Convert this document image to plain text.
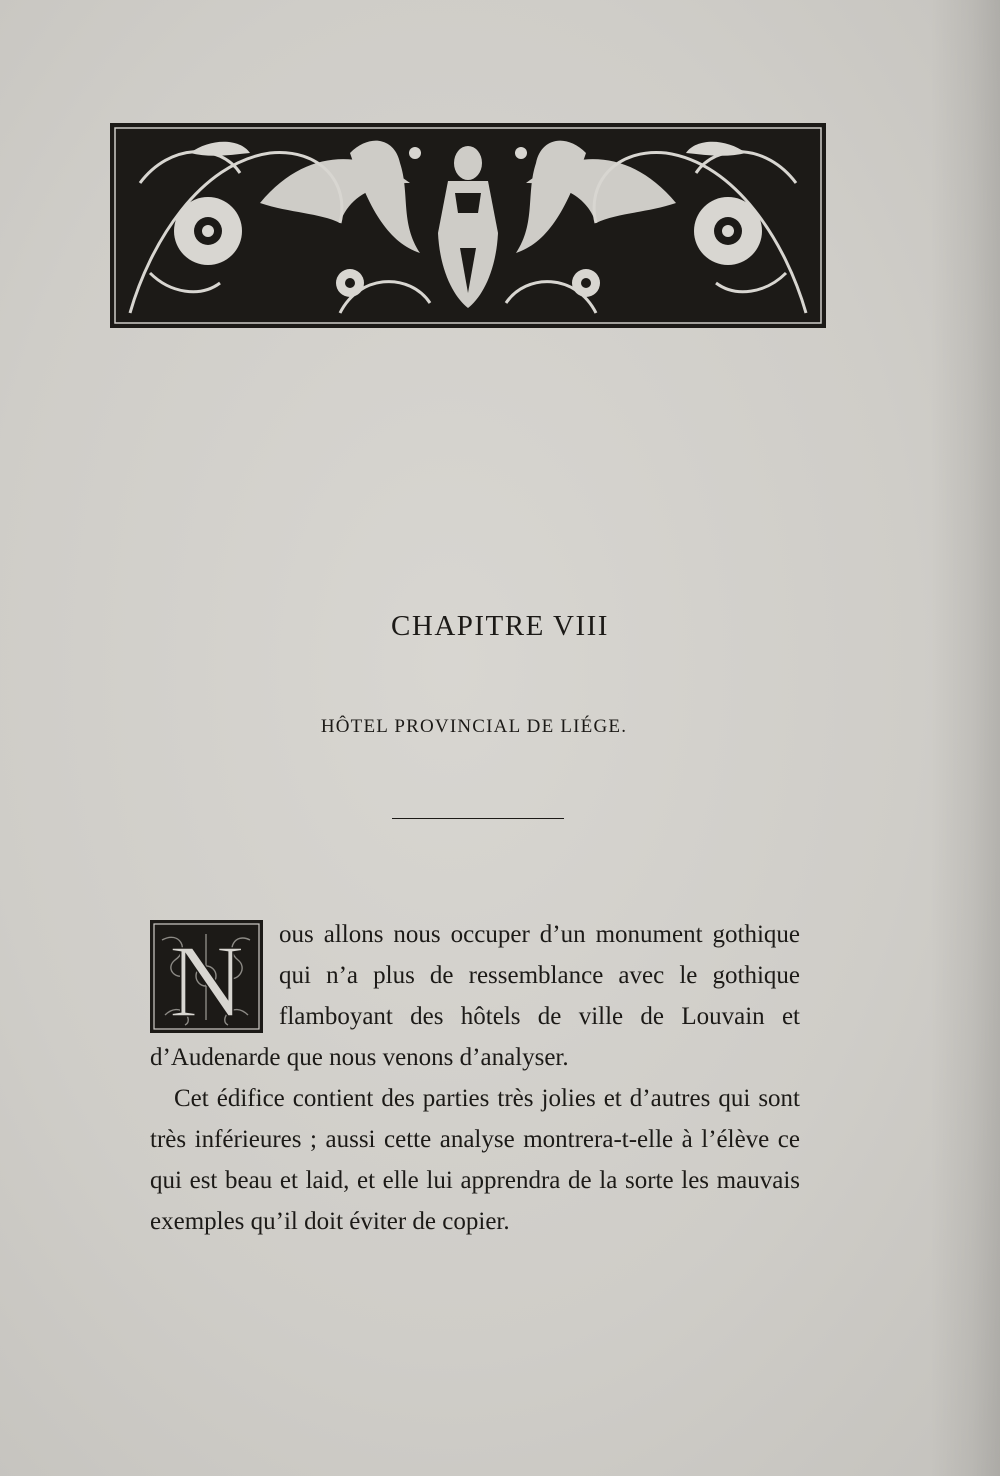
CHAPITRE VIII
HÔTEL PROVINCIAL DE LIÉGE.

N ous allons nous occuper d’un monument gothique qui n’a plus de ressemblance avec le gothique flamboyant des hôtels de ville de Louvain et d’Audenarde que nous venons d’analyser.

Cet édifice contient des parties très jolies et d’autres qui sont très inférieures ; aussi cette analyse montrera-t-elle à l’élève ce qui est beau et laid, et elle lui apprendra de la sorte les mauvais exemples qu’il doit éviter de copier.
